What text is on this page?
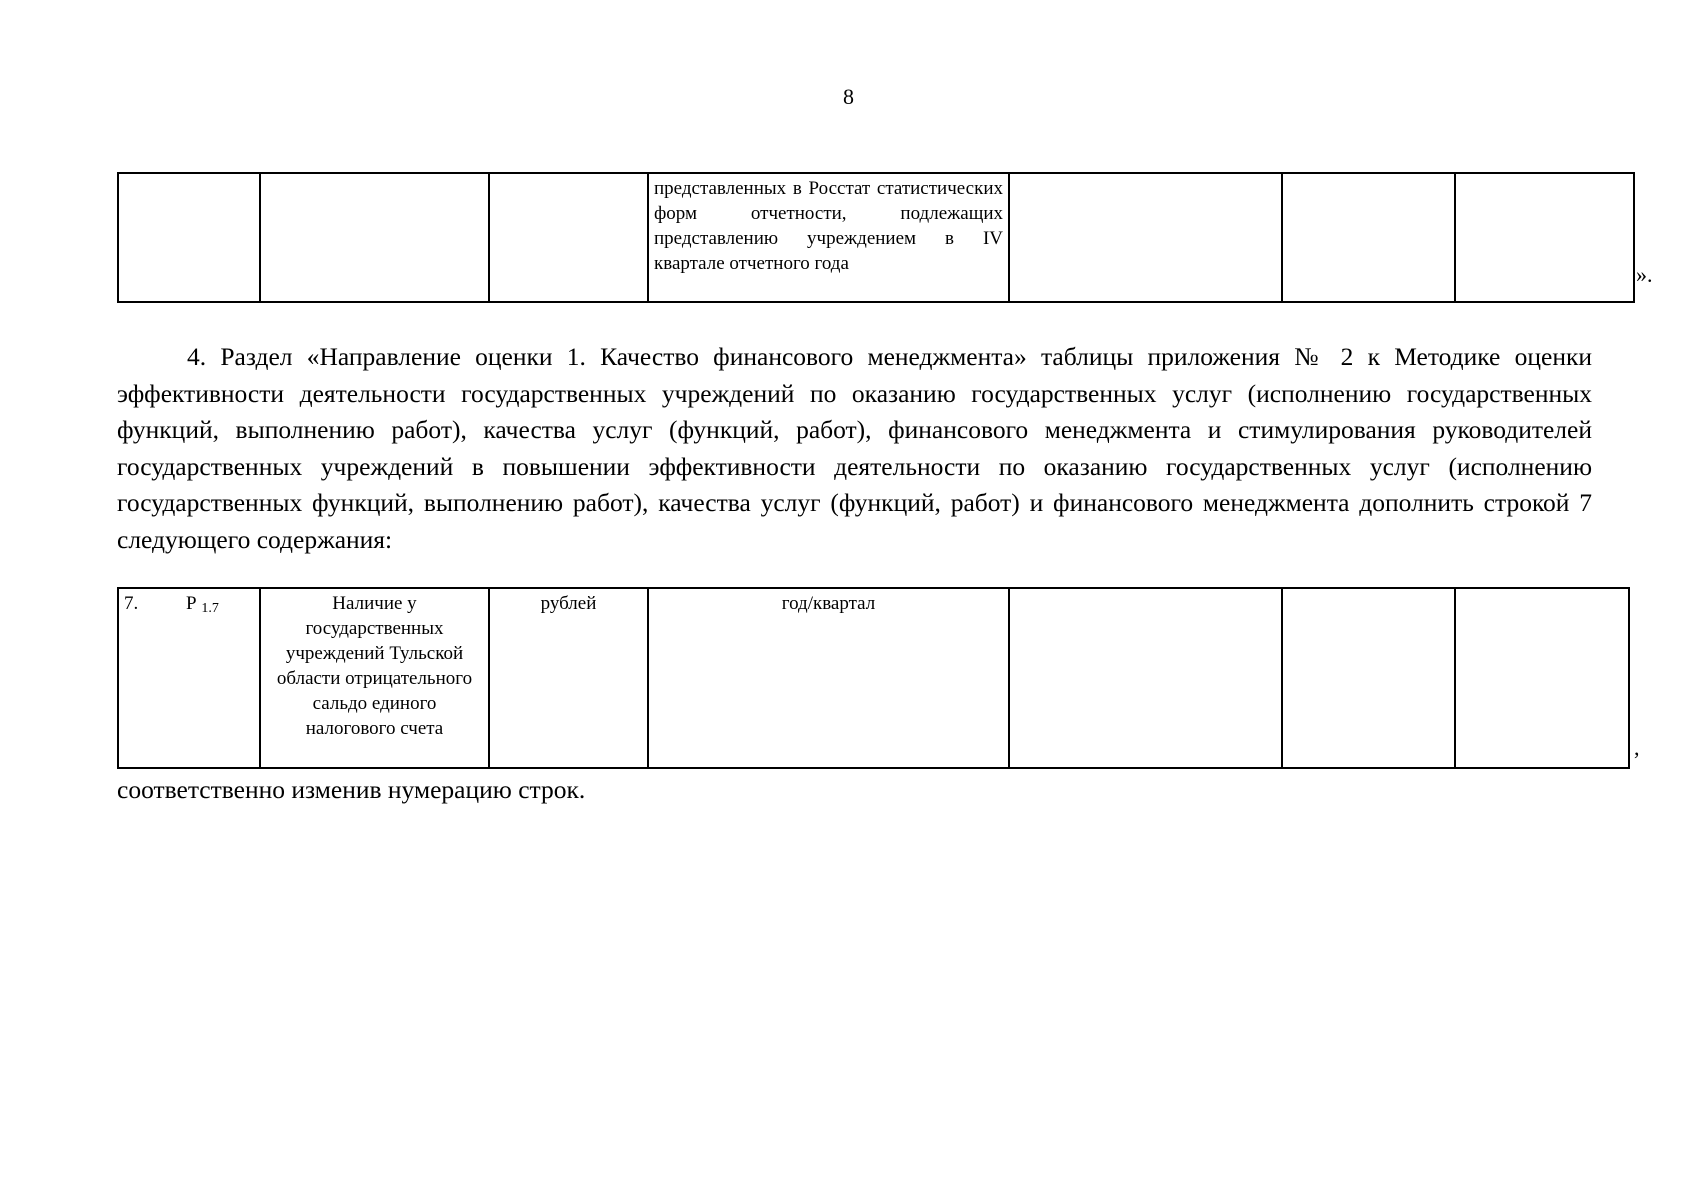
8
			представленных в Росстат статистических форм отчетности, подлежащих представлению учреждением в IV квартале отчетного года				».

4. Раздел «Направление оценки 1. Качество финансового менеджмента» таблицы приложения № 2 к Методике оценки эффективности деятельности государственных учреждений по оказанию государственных услуг (исполнению государственных функций, выполнению работ), качества услуг (функций, работ), финансового менеджмента и стимулирования руководителей государственных учреждений в повышении эффективности деятельности по оказанию государственных услуг (исполнению государственных функций, выполнению работ), качества услуг (функций, работ) и финансового менеджмента дополнить строкой 7 следующего содержания:

7.	Р $_{1.7}$	Наличие у государственных учреждений Тульской области отрицательного сальдо единого налогового счета	рублей	год/квартал			
,

соответственно изменив нумерацию строк.
